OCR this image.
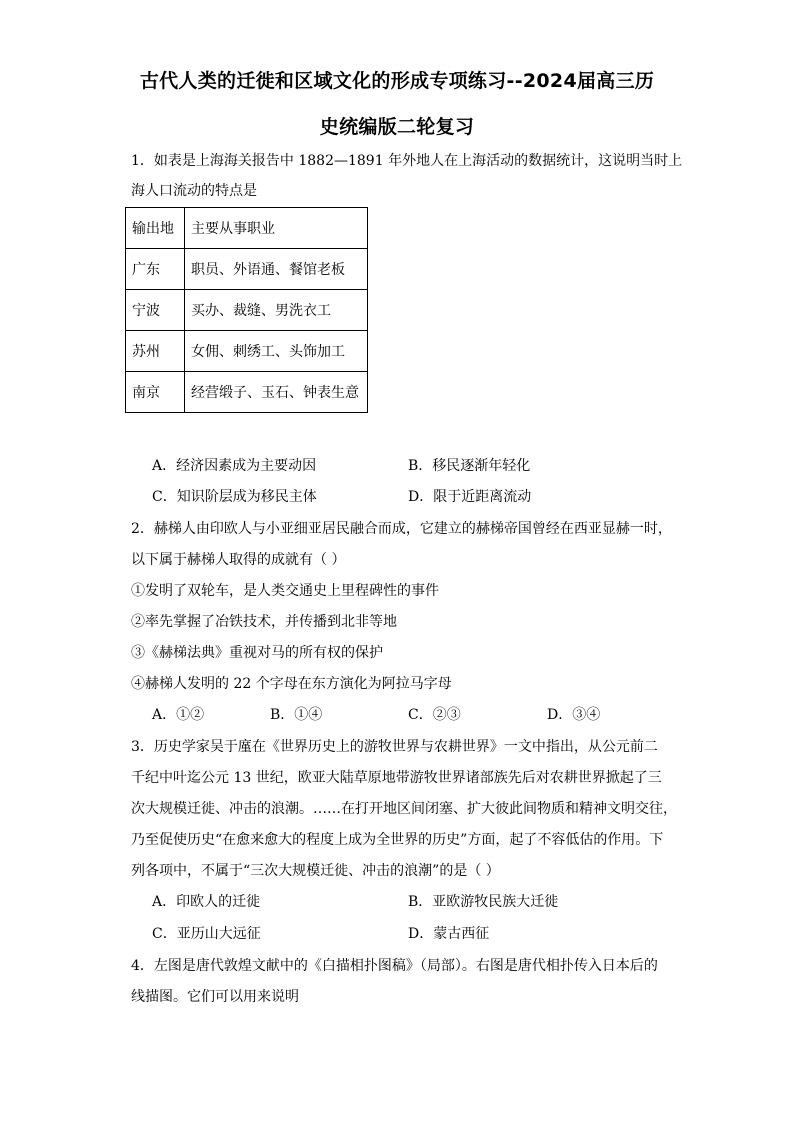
古代人类的迁徙和区域文化的形成专项练习--2024届高三历
史统编版二轮复习
1．如表是上海海关报告中 1882—1891 年外地人在上海活动的数据统计，这说明当时上
海人口流动的特点是
输出地	主要从事职业
广东	职员、外语通、餐馆老板
宁波	买办、裁缝、男洗衣工
苏州	女佣、刺绣工、头饰加工
南京	经营缎子、玉石、钟表生意
A．经济因素成为主要动因	B．移民逐渐年轻化
C．知识阶层成为移民主体	D．限于近距离流动
2．赫梯人由印欧人与小亚细亚居民融合而成，它建立的赫梯帝国曾经在西亚显赫一时，
以下属于赫梯人取得的成就有（ ）
①发明了双轮车，是人类交通史上里程碑性的事件
②率先掌握了冶铁技术，并传播到北非等地
③《赫梯法典》重视对马的所有权的保护
④赫梯人发明的 22 个字母在东方演化为阿拉马字母
A．①②	B．①④	C．②③	D．③④
3．历史学家吴于廑在《世界历史上的游牧世界与农耕世界》一文中指出，从公元前二
千纪中叶迄公元 13 世纪，欧亚大陆草原地带游牧世界诸部族先后对农耕世界掀起了三
次大规模迁徙、冲击的浪潮。……在打开地区间闭塞、扩大彼此间物质和精神文明交往，
乃至促使历史“在愈来愈大的程度上成为全世界的历史”方面，起了不容低估的作用。下
列各项中，不属于“三次大规模迁徙、冲击的浪潮”的是（ ）
A．印欧人的迁徙	B．亚欧游牧民族大迁徙
C．亚历山大远征	D．蒙古西征
4．左图是唐代敦煌文献中的《白描相扑图稿》（局部）。右图是唐代相扑传入日本后的
线描图。它们可以用来说明
